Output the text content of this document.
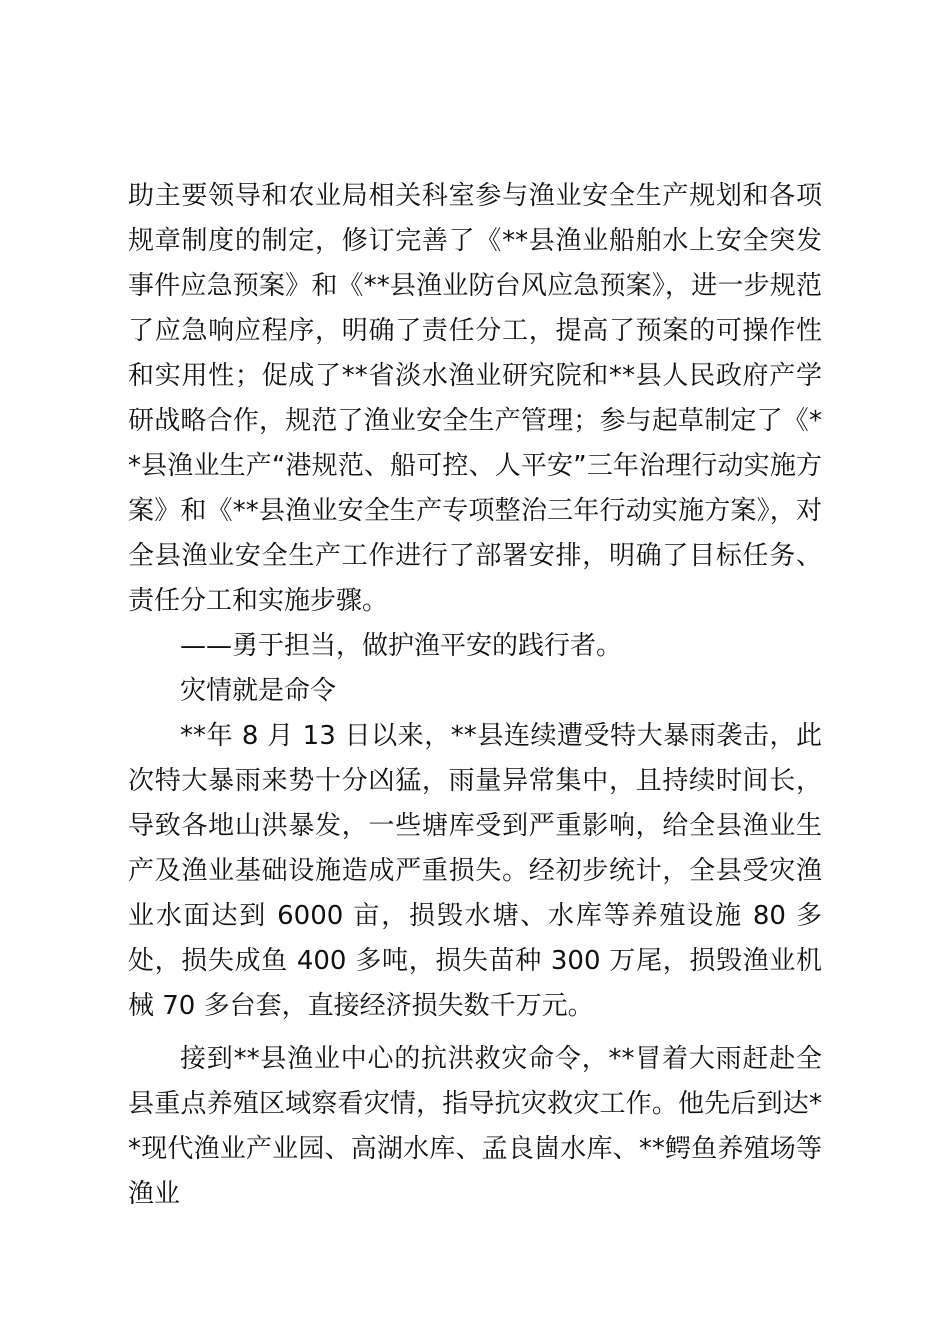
助主要领导和农业局相关科室参与渔业安全生产规划和各项规章制度的制定，修订完善了《**县渔业船舶水上安全突发事件应急预案》和《**县渔业防台风应急预案》，进一步规范了应急响应程序，明确了责任分工，提高了预案的可操作性和实用性；促成了**省淡水渔业研究院和**县人民政府产学研战略合作，规范了渔业安全生产管理；参与起草制定了《**县渔业生产“港规范、船可控、人平安”三年治理行动实施方案》和《**县渔业安全生产专项整治三年行动实施方案》，对全县渔业安全生产工作进行了部署安排，明确了目标任务、责任分工和实施步骤。

——勇于担当，做护渔平安的践行者。

灾情就是命令

**年 8 月 13 日以来，**县连续遭受特大暴雨袭击，此次特大暴雨来势十分凶猛，雨量异常集中，且持续时间长，导致各地山洪暴发，一些塘库受到严重影响，给全县渔业生产及渔业基础设施造成严重损失。经初步统计，全县受灾渔业水面达到 6000 亩，损毁水塘、水库等养殖设施 80 多处，损失成鱼 400 多吨，损失苗种 300 万尾，损毁渔业机械 70 多台套，直接经济损失数千万元。

接到**县渔业中心的抗洪救灾命令，**冒着大雨赶赴全县重点养殖区域察看灾情，指导抗灾救灾工作。他先后到达**现代渔业产业园、高湖水库、孟良崮水库、**鳄鱼养殖场等渔业
